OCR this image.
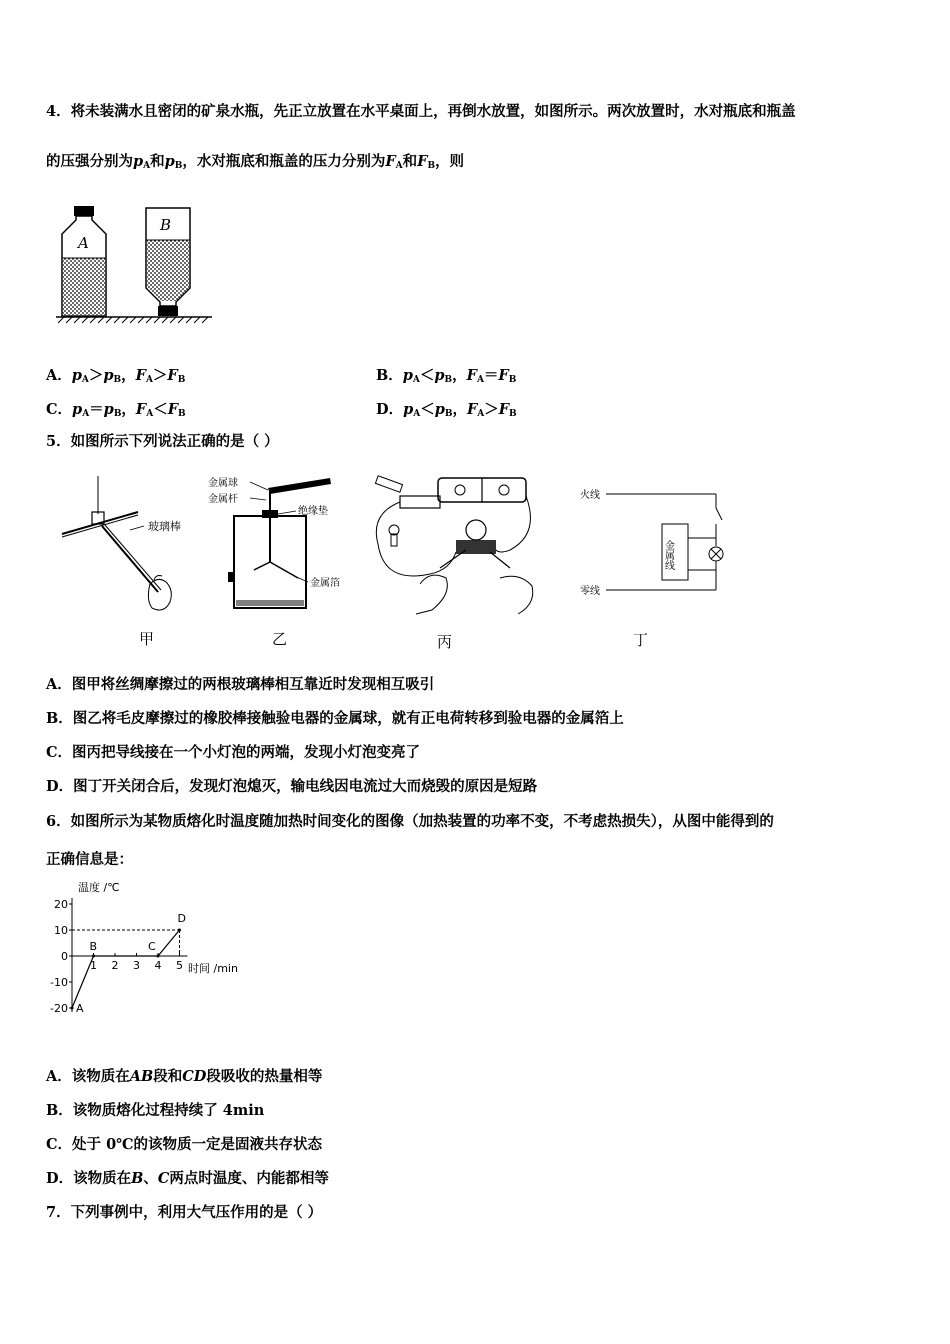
4．将未装满水且密闭的矿泉水瓶，先正立放置在水平桌面上，再倒水放置，如图所示。两次放置时，水对瓶底和瓶盖
的压强分别为$p_A$和$p_B$，水对瓶底和瓶盖的压力分别为$F_A$和$F_B$，则
A
B
A．$p_A>p_B$，$F_A>F_B$	B．$p_A<p_B$，$F_A=F_B$
C．$p_A=p_B$，$F_A<F_B$	D．$p_A<p_B$，$F_A>F_B$
5．如图所示下列说法正确的是（ ）
玻璃棒
甲
金属球
金属杆
绝缘垫
金属箔
乙	丙
火线
零线
金属线
丁
A．图甲将丝绸摩擦过的两根玻璃棒相互靠近时发现相互吸引
B．图乙将毛皮摩擦过的橡胶棒接触验电器的金属球，就有正电荷转移到验电器的金属箔上
C．图丙把导线接在一个小灯泡的两端，发现小灯泡变亮了
D．图丁开关闭合后，发现灯泡熄灭，输电线因电流过大而烧毁的原因是短路
6．如图所示为某物质熔化时温度随加热时间变化的图像（加热装置的功率不变，不考虑热损失），从图中能得到的
正确信息是：
温度 /℃
时间 /min
20
10
0
-10
-20
1 2 3 4 5
A
B	C
D
A．该物质在AB段和CD段吸收的热量相等
B．该物质熔化过程持续了 4min
C．处于 0℃的该物质一定是固液共存状态
D．该物质在B、C两点时温度、内能都相等
7．下列事例中，利用大气压作用的是（ ）
